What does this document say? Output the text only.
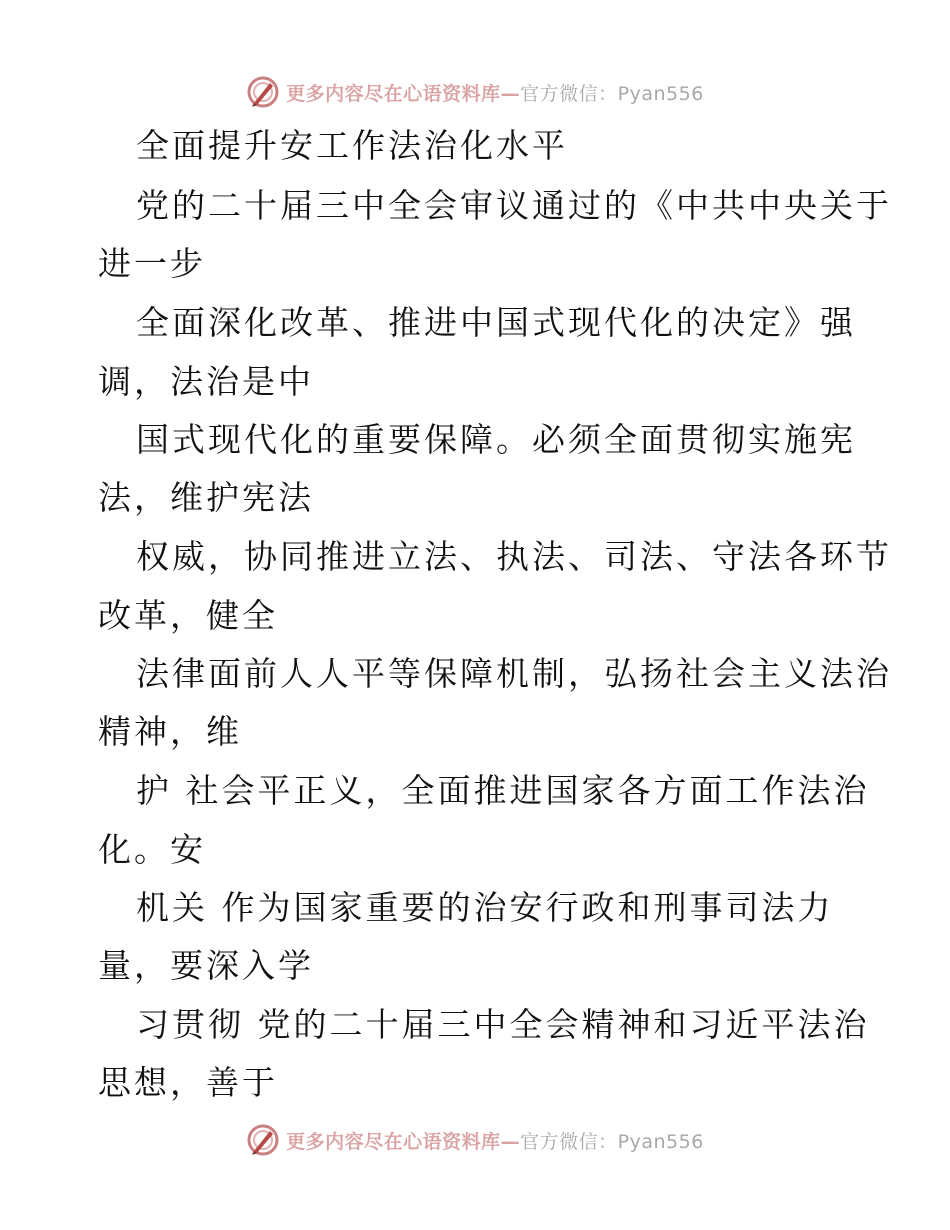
更多内容尽在心语资料库—官方微信：Pyan556
全面提升安工作法治化水平
党的二十届三中全会审议通过的《中共中央关于
进一步
全面深化改革、推进中国式现代化的决定》强
调，法治是中
国式现代化的重要保障。必须全面贯彻实施宪
法，维护宪法
权威，协同推进立法、执法、司法、守法各环节
改革，健全
法律面前人人平等保障机制，弘扬社会主义法治
精神，维
护 社会平正义，全面推进国家各方面工作法治
化。安
机关 作为国家重要的治安行政和刑事司法力
量，要深入学
习贯彻 党的二十届三中全会精神和习近平法治
思想，善于
更多内容尽在心语资料库—官方微信：Pyan556
